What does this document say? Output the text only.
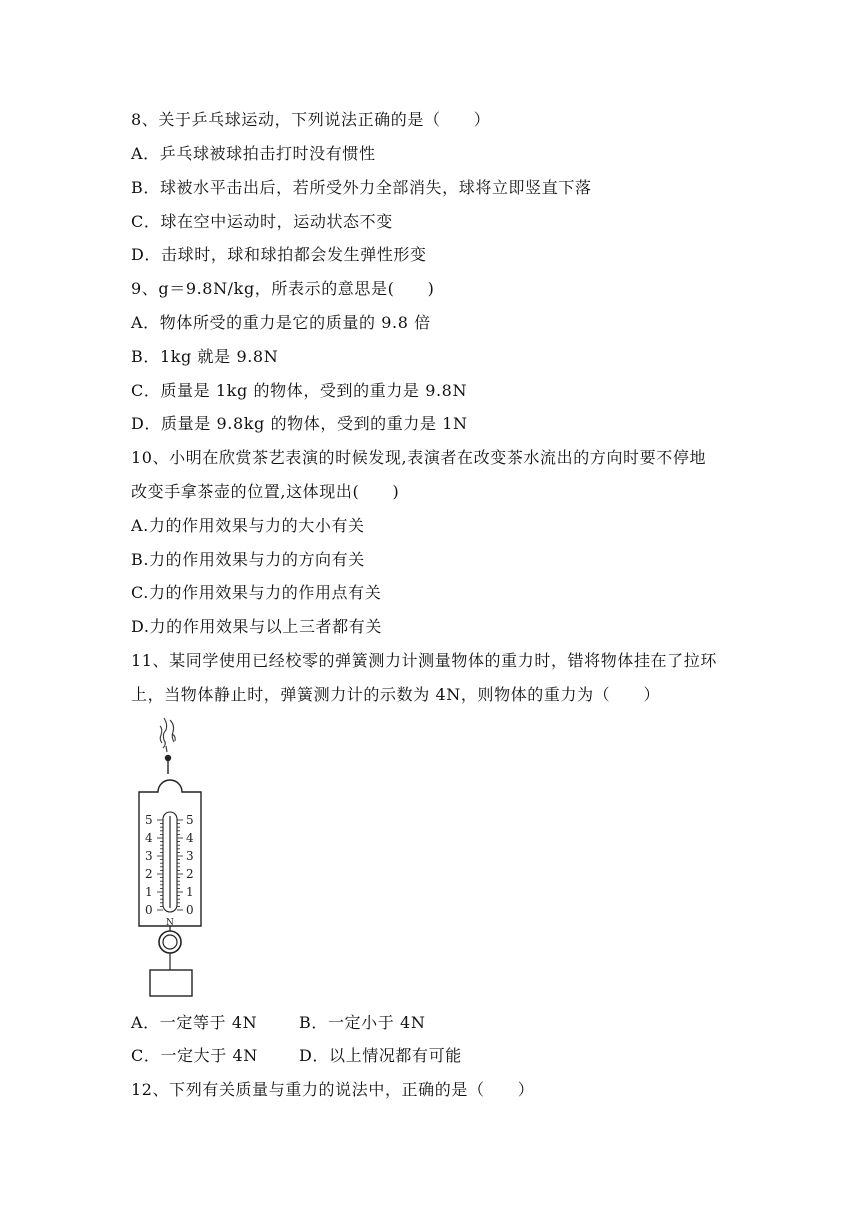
8、关于乒乓球运动，下列说法正确的是（　　）
A．乒乓球被球拍击打时没有惯性
B．球被水平击出后，若所受外力全部消失，球将立即竖直下落
C．球在空中运动时，运动状态不变
D．击球时，球和球拍都会发生弹性形变
9、g＝9.8N/kg，所表示的意思是(　　)
A．物体所受的重力是它的质量的 9.8 倍
B．1kg 就是 9.8N
C．质量是 1kg 的物体，受到的重力是 9.8N
D．质量是 9.8kg 的物体，受到的重力是 1N
10、小明在欣赏茶艺表演的时候发现,表演者在改变茶水流出的方向时要不停地
改变手拿茶壶的位置,这体现出(　　)
A.力的作用效果与力的大小有关
B.力的作用效果与力的方向有关
C.力的作用效果与力的作用点有关
D.力的作用效果与以上三者都有关
11、某同学使用已经校零的弹簧测力计测量物体的重力时，错将物体挂在了拉环
上，当物体静止时，弹簧测力计的示数为 4N，则物体的重力为（　　）
5
4
3
2
1
0
5
4
3
2
1
0
N
A．一定等于 4N	B．一定小于 4N
C．一定大于 4N	D．以上情况都有可能
12、下列有关质量与重力的说法中，正确的是（　　）
